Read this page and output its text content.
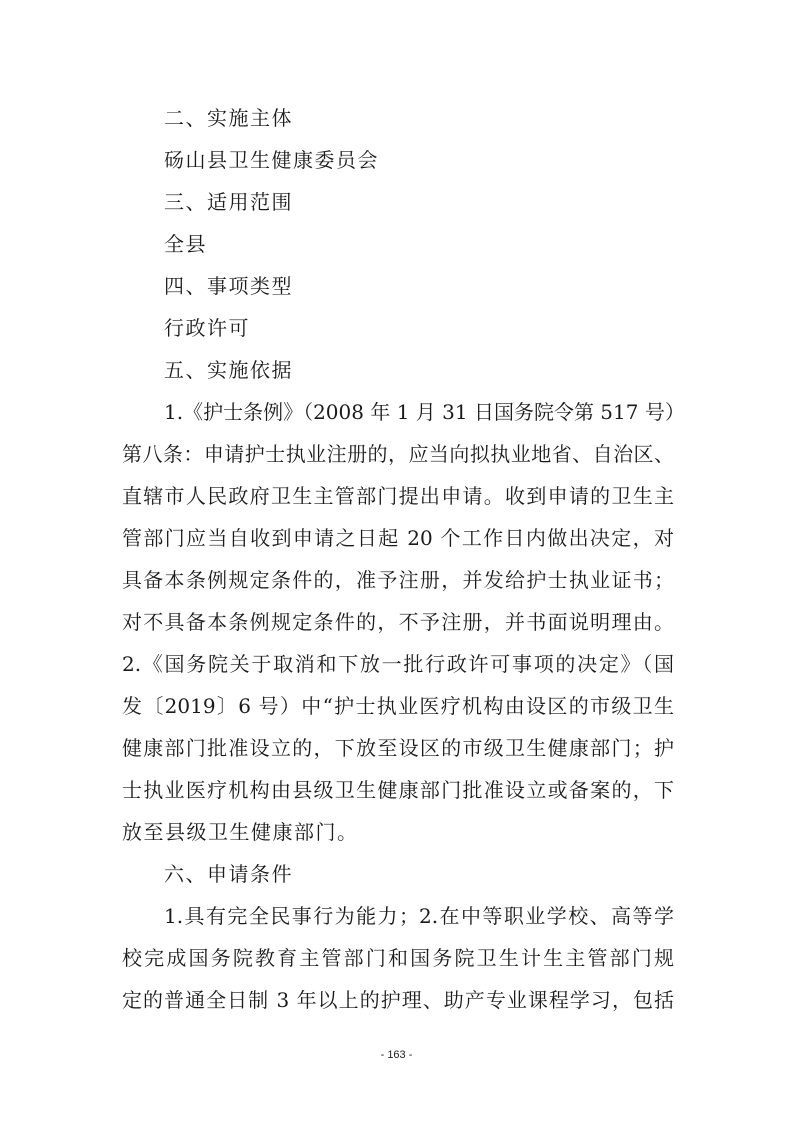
二、实施主体
砀山县卫生健康委员会
三、适用范围
全县
四、事项类型
行政许可
五、实施依据
1.《护士条例》（2008 年 1 月 31 日国务院令第 517 号）
第八条：申请护士执业注册的，应当向拟执业地省、自治区、
直辖市人民政府卫生主管部门提出申请。收到申请的卫生主
管部门应当自收到申请之日起 20 个工作日内做出决定，对
具备本条例规定条件的，准予注册，并发给护士执业证书；
对不具备本条例规定条件的，不予注册，并书面说明理由。
2.《国务院关于取消和下放一批行政许可事项的决定》（国
发〔2019〕6 号）中“护士执业医疗机构由设区的市级卫生
健康部门批准设立的，下放至设区的市级卫生健康部门；护
士执业医疗机构由县级卫生健康部门批准设立或备案的，下
放至县级卫生健康部门。
六、申请条件
1.具有完全民事行为能力；2.在中等职业学校、高等学
校完成国务院教育主管部门和国务院卫生计生主管部门规
定的普通全日制 3 年以上的护理、助产专业课程学习，包括
- 163 -
